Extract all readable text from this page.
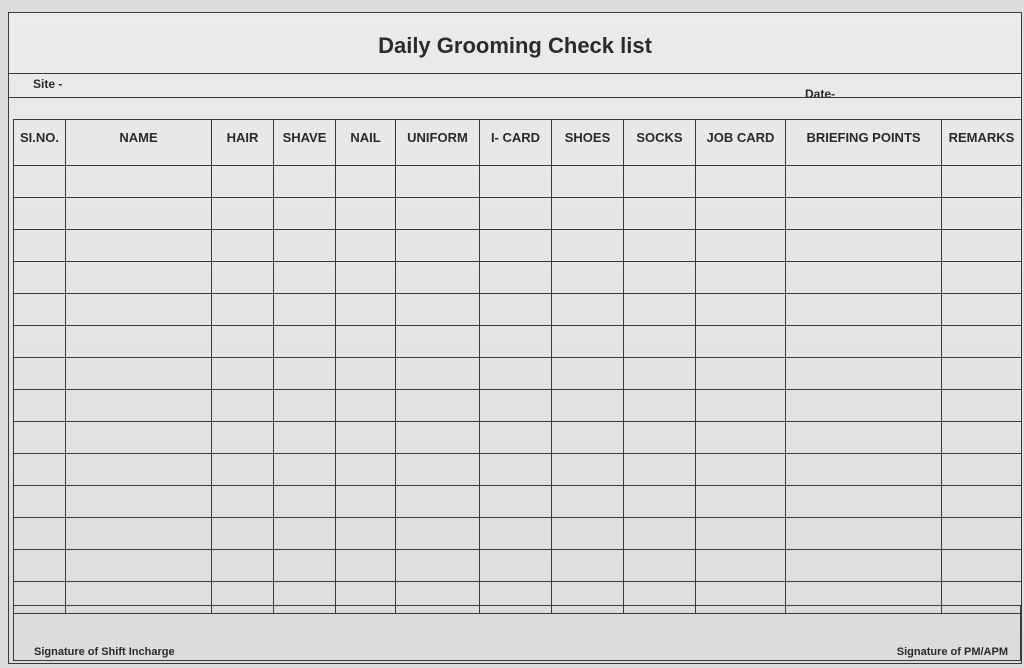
Daily Grooming Check list
Site -
Date-
SI.NO.	NAME	HAIR	SHAVE	NAIL	UNIFORM	I- CARD	SHOES	SOCKS	JOB CARD	BRIEFING POINTS	REMARKS

Signature of Shift Incharge	Signature of PM/APM
